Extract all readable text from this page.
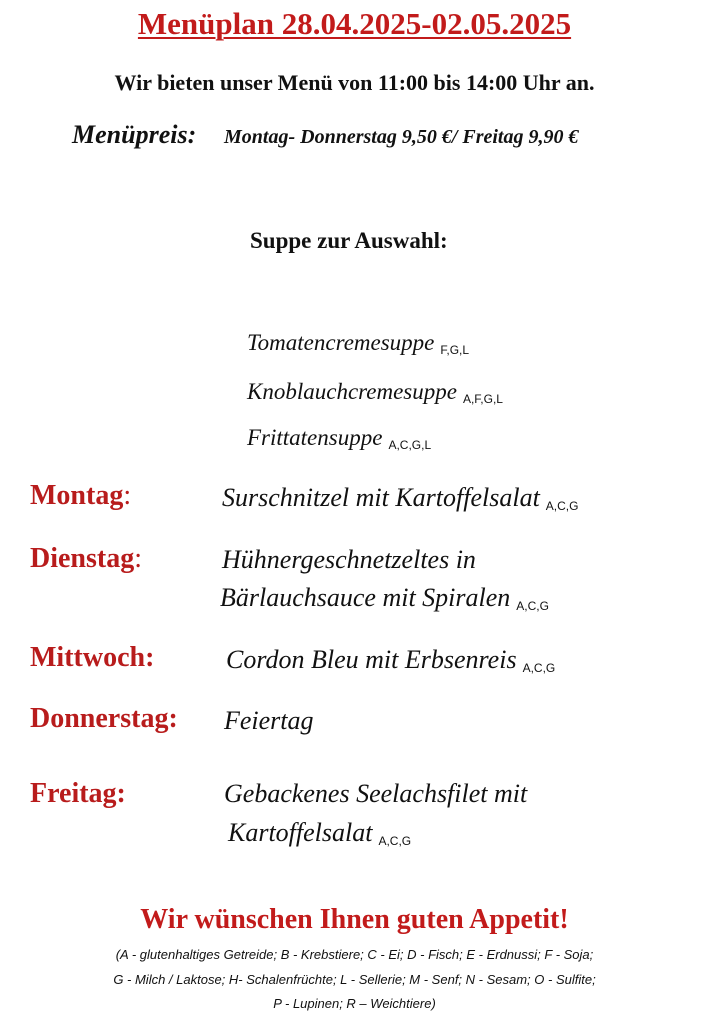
Menüplan 28.04.2025-02.05.2025
Wir bieten unser Menü von 11:00 bis 14:00 Uhr an.
Menüpreis: Montag- Donnerstag 9,50 €/ Freitag 9,90 €
Suppe zur Auswahl:
Tomatencremesuppe F,G,L
Knoblauchcremesuppe A,F,G,L
Frittatensuppe A,C,G,L
Montag:	Surschnitzel mit Kartoffelsalat A,C,G
Dienstag:	Hühnergeschnetzeltes in
Bärlauchsauce mit Spiralen A,C,G
Mittwoch:	Cordon Bleu mit Erbsenreis A,C,G
Donnerstag: Feiertag
Freitag:	Gebackenes Seelachsfilet mit
Kartoffelsalat A,C,G
Wir wünschen Ihnen guten Appetit!
(A - glutenhaltiges Getreide; B - Krebstiere; C - Ei; D - Fisch; E - Erdnussi; F - Soja;
G - Milch / Laktose; H- Schalenfrüchte; L - Sellerie; M - Senf; N - Sesam; O - Sulfite;
P - Lupinen; R – Weichtiere)
